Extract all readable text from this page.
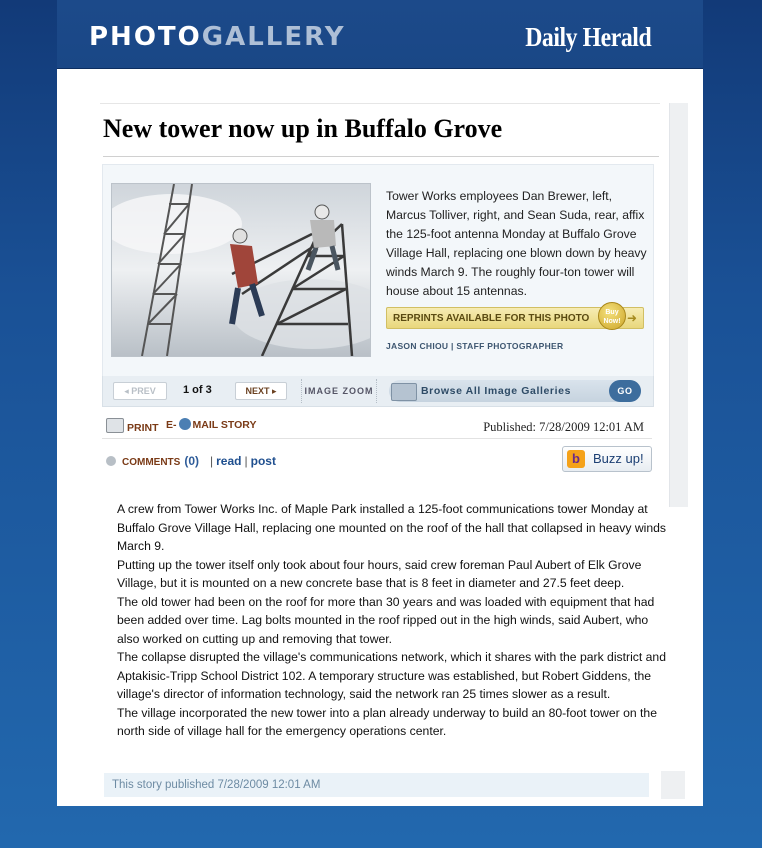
PHOTOGALLERY	Daily Herald
New tower now up in Buffalo Grove
Tower Works employees Dan Brewer, left, Marcus Tolliver, right, and Sean Suda, rear, affix the 125-foot antenna Monday at Buffalo Grove Village Hall, replacing one blown down by heavy winds March 9. The roughly four-ton tower will house about 15 antennas.
REPRINTS AVAILABLE FOR THIS PHOTO
Buy Now! ➜
JASON CHIOU | STAFF PHOTOGRAPHER
◂ PREV	1 of 3	NEXT ▸	IMAGE ZOOM	Browse All Image Galleries	GO
PRINT E- MAIL STORY	Published: 7/28/2009 12:01 AM
COMMENTS (0) | read | post	b	Buzz up!

A crew from Tower Works Inc. of Maple Park installed a 125-foot communications tower Monday at Buffalo Grove Village Hall, replacing one mounted on the roof of the hall that collapsed in heavy winds March 9.

Putting up the tower itself only took about four hours, said crew foreman Paul Aubert of Elk Grove Village, but it is mounted on a new concrete base that is 8 feet in diameter and 27.5 feet deep.

The old tower had been on the roof for more than 30 years and was loaded with equipment that had been added over time. Lag bolts mounted in the roof ripped out in the high winds, said Aubert, who also worked on cutting up and removing that tower.

The collapse disrupted the village's communications network, which it shares with the park district and Aptakisic-Tripp School District 102. A temporary structure was established, but Robert Giddens, the village's director of information technology, said the network ran 25 times slower as a result.

The village incorporated the new tower into a plan already underway to build an 80-foot tower on the north side of village hall for the emergency operations center.

This story published 7/28/2009 12:01 AM
